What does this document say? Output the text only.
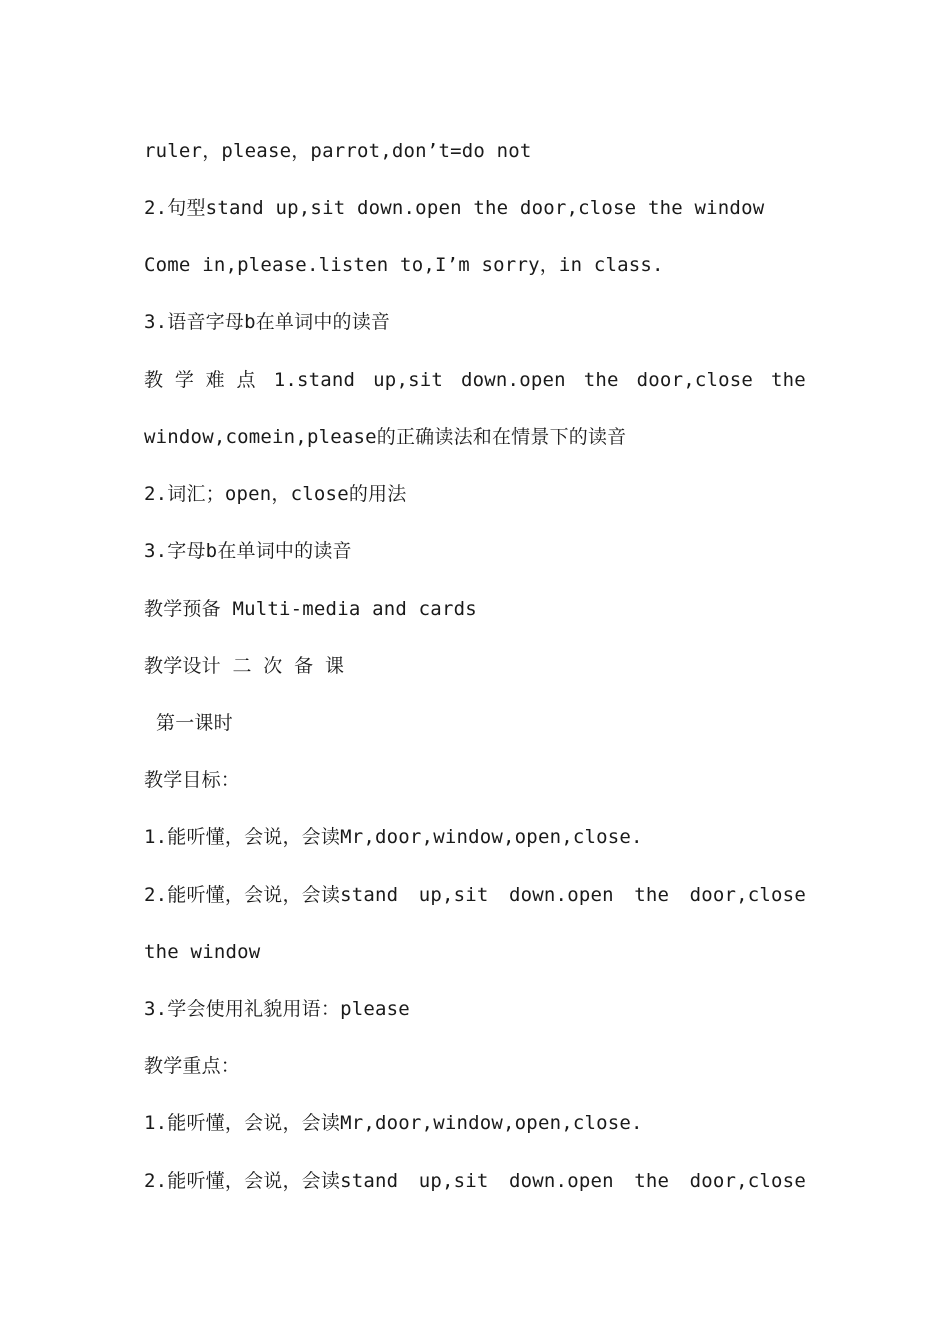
ruler，please，parrot,don’t=do not
2.句型stand up,sit down.open the door,close the window
Come in,please.listen to,I’m sorry，in class.
3.语音字母b在单词中的读音
教 学 难 点 1.stand up,sit down.open the door,close the
window,comein,please的正确读法和在情景下的读音
2.词汇；open，close的用法
3.字母b在单词中的读音
教学预备 Multi-media and cards
教学设计 二 次 备 课
第一课时
教学目标：
1.能听懂，会说，会读Mr,door,window,open,close.
2.能听懂，会说，会读stand up,sit down.open the door,close
the window
3.学会使用礼貌用语：please
教学重点：
1.能听懂，会说，会读Mr,door,window,open,close.
2.能听懂，会说，会读stand up,sit down.open the door,close
